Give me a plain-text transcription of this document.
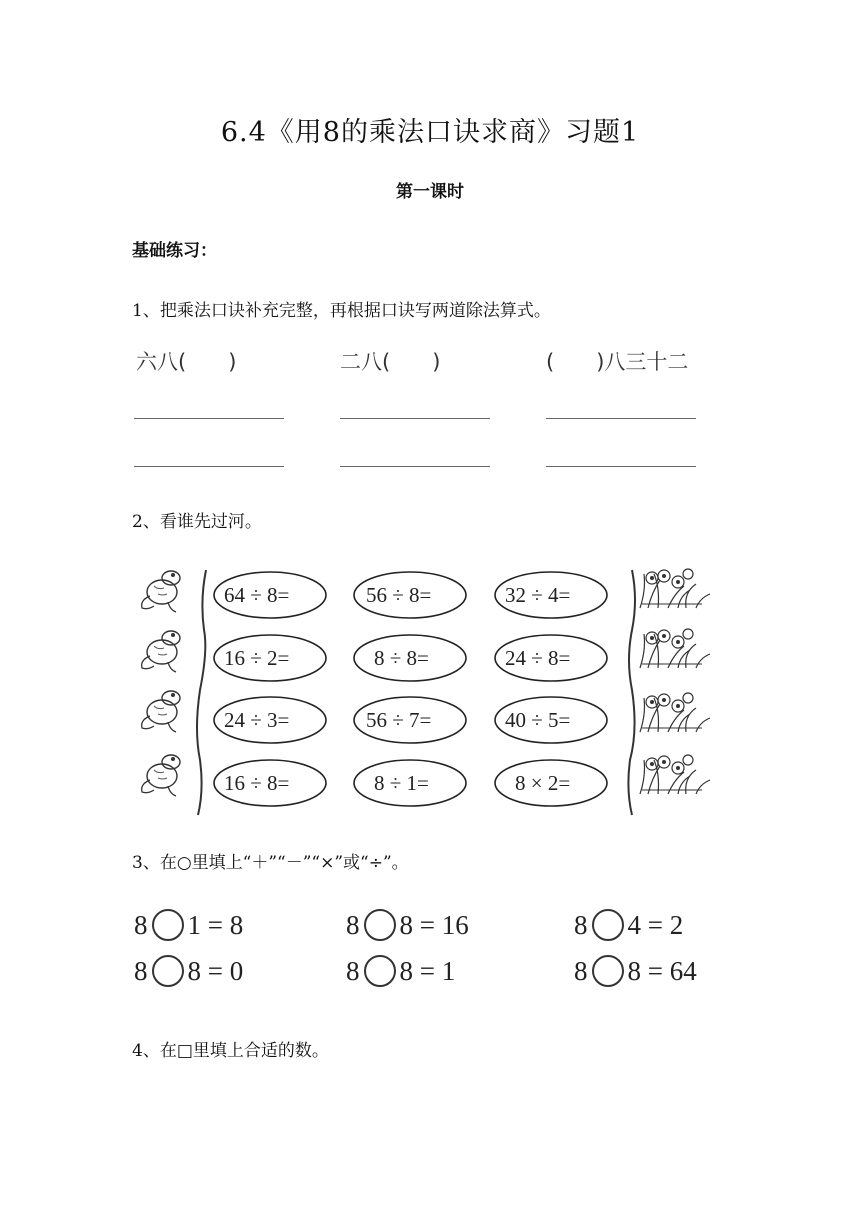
6.4《用8的乘法口诀求商》习题1
第一课时
基础练习：
1、把乘法口诀补充完整，再根据口诀写两道除法算式。
六八(　　)	二八(　　)	(　　)八三十二
2、看谁先过河。
64 ÷ 8=	56 ÷ 8=	32 ÷ 4=
16 ÷ 2=	8 ÷ 8=	24 ÷ 8=
24 ÷ 3=	56 ÷ 7=	40 ÷ 5=
16 ÷ 8=	8 ÷ 1=	8 × 2=
3、在○里填上“＋”“－”“×”或“÷”。
8 1 = 8	8 8 = 16	8 4 = 2
8 8 = 0	8 8 = 1	8 8 = 64
4、在□里填上合适的数。
